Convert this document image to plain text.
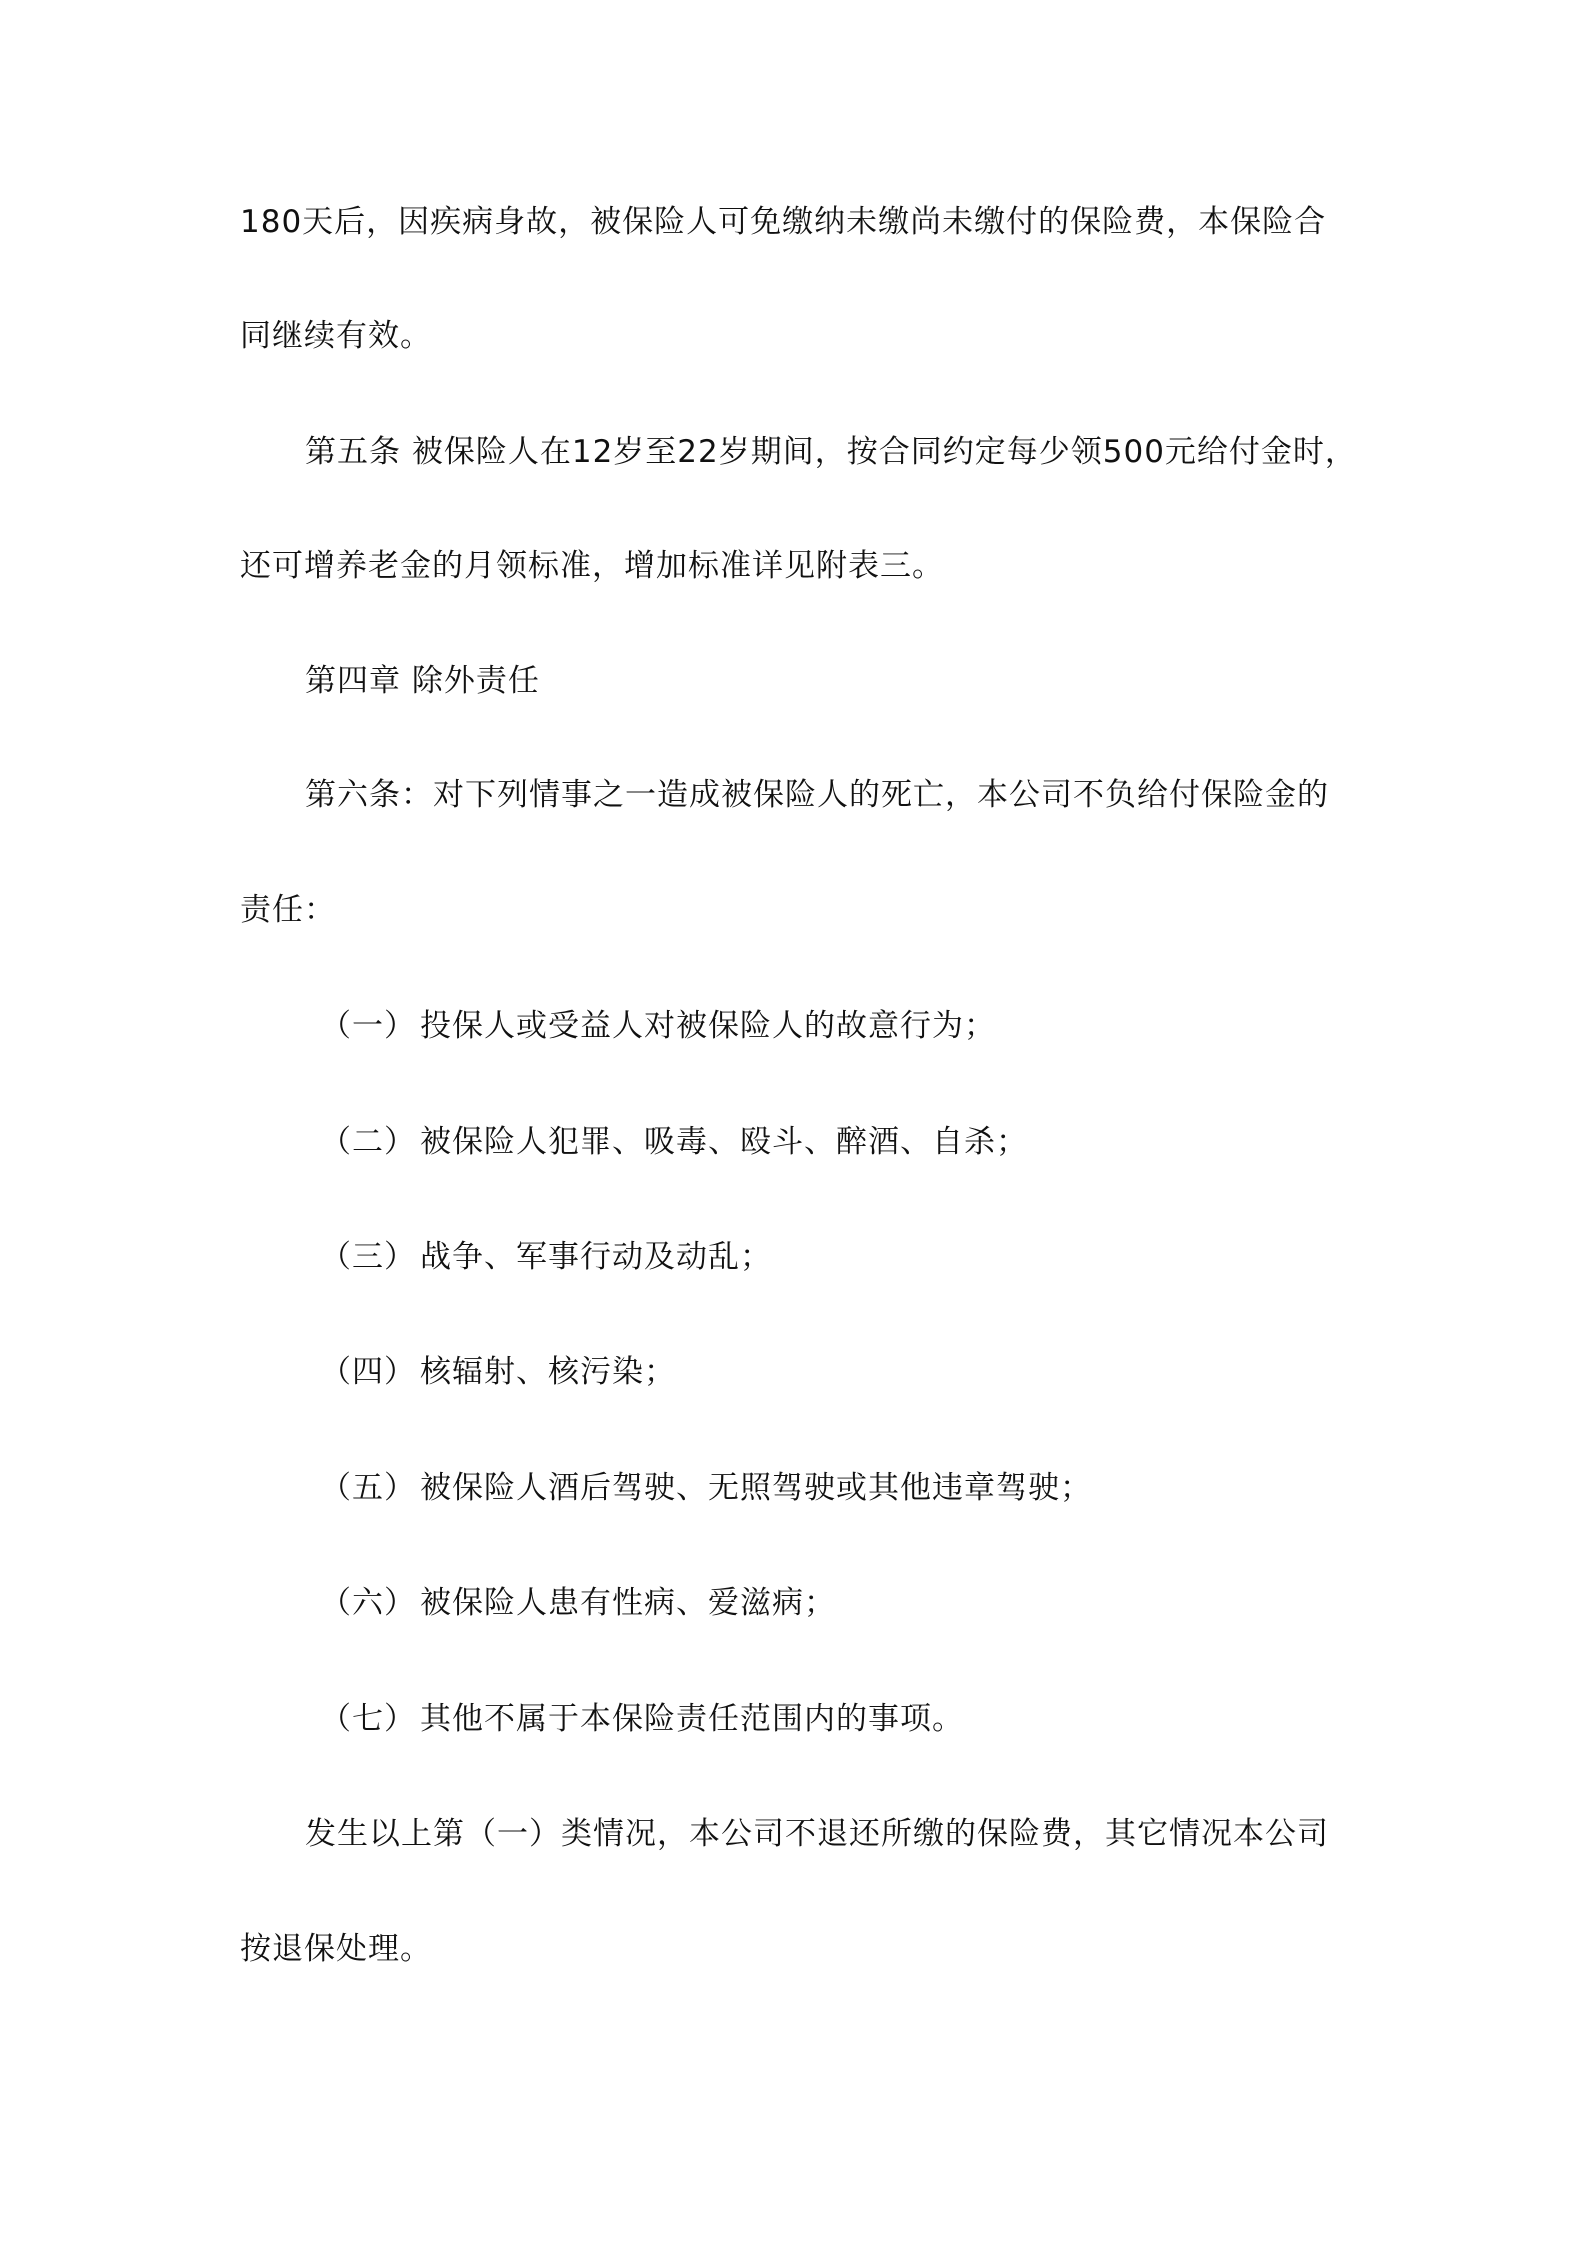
180天后，因疾病身故，被保险人可免缴纳未缴尚未缴付的保险费，本保险合
同继续有效。
第五条 被保险人在12岁至22岁期间，按合同约定每少领500元给付金时，
还可增养老金的月领标准，增加标准详见附表三。
第四章 除外责任
第六条：对下列情事之一造成被保险人的死亡，本公司不负给付保险金的
责任：
（一） 投保人或受益人对被保险人的故意行为；
（二） 被保险人犯罪、吸毒、殴斗、醉酒、自杀；
（三） 战争、军事行动及动乱；
（四） 核辐射、核污染；
（五） 被保险人酒后驾驶、无照驾驶或其他违章驾驶；
（六） 被保险人患有性病、爱滋病；
（七） 其他不属于本保险责任范围内的事项。
发生以上第（一）类情况，本公司不退还所缴的保险费，其它情况本公司
按退保处理。
